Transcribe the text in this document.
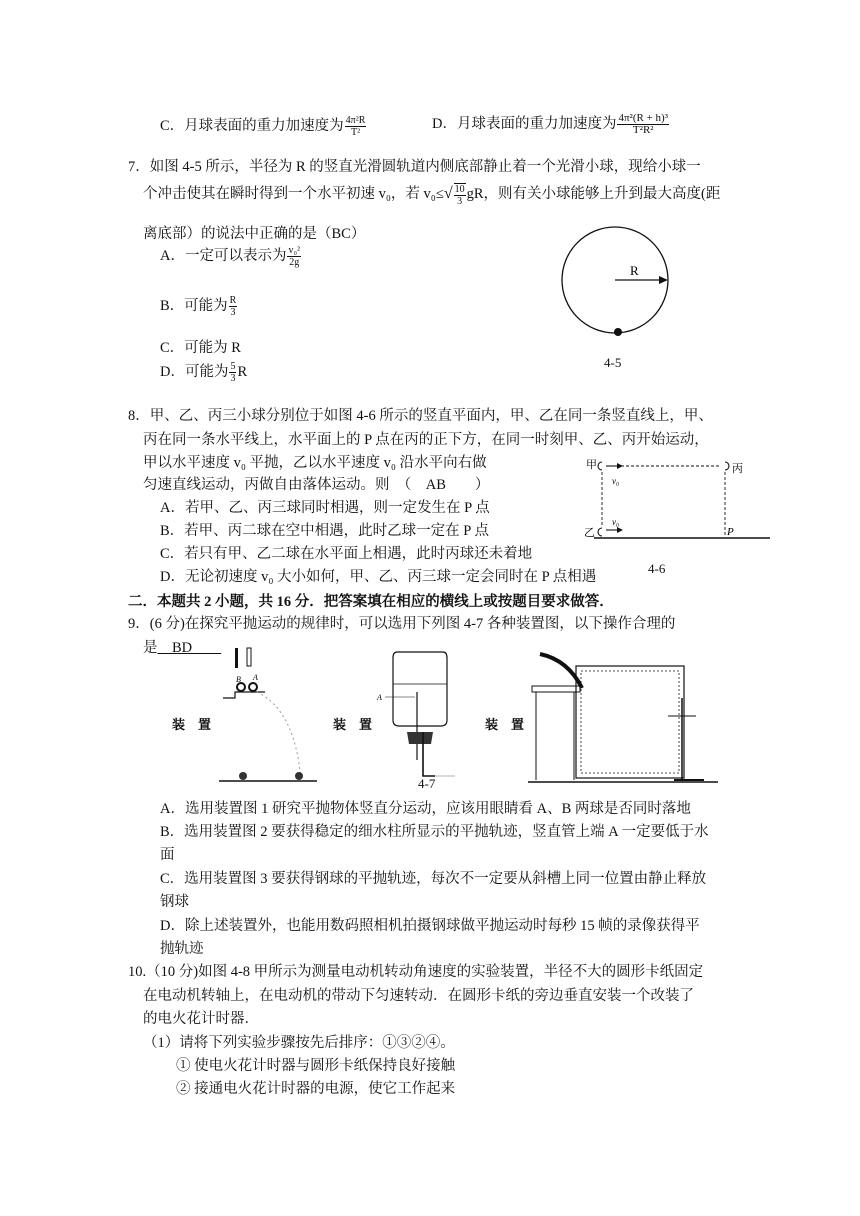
C．月球表面的重力加速度为 $\frac{\text{4π²R}}{\text{T²}}$	D．月球表面的重力加速度为 $\frac{\text{4π²(R + h)³}}{\text{T²R²}}$
7．如图 4-5 所示，半径为 R 的竖直光滑圆轨道内侧底部静止着一个光滑小球，现给小球一
个冲击使其在瞬时得到一个水平初速 v₀，若 $v_0\le√ \frac{10}{3}$ gR，则有关小球能够上升到最大高度(距
离底部）的说法中正确的是（BC）
A．一定可以表示为 $\frac{\text{v₀²}}{2g}$
B．可能为 $\frac{R}{3}$
C．可能为 R
D．可能为 $\frac{5}{3}$ R
R
4-5
8．甲、乙、丙三小球分别位于如图 4-6 所示的竖直平面内，甲、乙在同一条竖直线上，甲、
丙在同一条水平线上，水平面上的 P 点在丙的正下方，在同一时刻甲、乙、丙开始运动，
甲以水平速度 v₀ 平抛，乙以水平速度 v₀ 沿水平向右做
匀速直线运动，丙做自由落体运动。则　（　AB　　）
A．若甲、乙、丙三球同时相遇，则一定发生在 P 点
B．若甲、丙二球在空中相遇，此时乙球一定在 P 点
C．若只有甲、乙二球在水平面上相遇，此时丙球还未着地
D．无论初速度 v₀ 大小如何，甲、乙、丙三球一定会同时在 P 点相遇
甲	丙
v₀
v₀
乙	P
4-6
二．本题共 2 小题，共 16 分．把答案填在相应的横线上或按题目要求做答．
9．(6 分)在探究平抛运动的规律时，可以选用下列图 4-7 各种装置图，以下操作合理的
是　BD　　
B A
装　置
A
装　置
4-7
装　置
A．选用装置图 1 研究平抛物体竖直分运动，应该用眼睛看 A、B 两球是否同时落地
B．选用装置图 2 要获得稳定的细水柱所显示的平抛轨迹，竖直管上端 A 一定要低于水
面
C．选用装置图 3 要获得钢球的平抛轨迹，每次不一定要从斜槽上同一位置由静止释放
钢球
D．除上述装置外，也能用数码照相机拍摄钢球做平抛运动时每秒 15 帧的录像获得平
抛轨迹
10.（10 分)如图 4-8 甲所示为测量电动机转动角速度的实验装置，半径不大的圆形卡纸固定
在电动机转轴上，在电动机的带动下匀速转动．在圆形卡纸的旁边垂直安装一个改装了
的电火花计时器．
（1）请将下列实验步骤按先后排序：①③②④。
① 使电火花计时器与圆形卡纸保持良好接触
② 接通电火花计时器的电源，使它工作起来
